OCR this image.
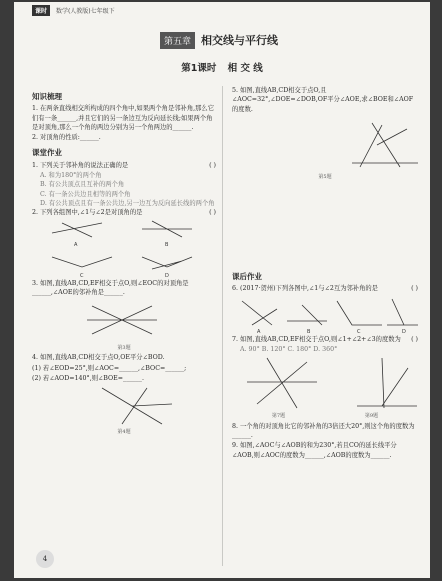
课时 数学(人教版)七年级下
第五章 相交线与平行线
第1课时 相 交 线
知识梳理

1. 在两条直线相交所构成的四个角中,如果两个角是邻补角,那么它们有一条______,并且它们的另一条边互为反向延长线;如果两个角是对顶角,那么一个角的两边分别为另一个角两边的______.

2. 对顶角的性质:______.

课堂作业

1. 下列关于邻补角的说法正确的是	( )

A. 和为180°的两个角

B. 有公共顶点且互补的两个角

C. 有一条公共边且相等的两个角

D. 有公共顶点且有一条公共边,另一边互为反向延长线的两个角

2. 下列各组图中,∠1与∠2是对顶角的是	( )

A	B
C	D

3. 如图,直线AB,CD,EF相交于点O,则∠EOC的对顶角是______,∠AOE的邻补角是______.

第3题

4. 如图,直线AB,CD相交于点O,OE平分∠BOD.

(1) 若∠EOD=25°,则∠AOC=______,∠BOC=______;

(2) 若∠AOD=140°,则∠BOE=______.

第4题

5. 如图,直线AB,CD相交于点O,且∠AOC=32°,∠DOE=∠DOB,OF平分∠AOE,求∠BOE和∠AOF的度数.

第5题
课后作业

6. (2017·贺州)下列各图中,∠1与∠2互为邻补角的是	( )

A	B	C	D

7. 如图,直线AB,CD,EF相交于点O,则∠1+∠2+∠3的度数为 ( )

A. 90° B. 120° C. 180° D. 360°

第7题	第9题

8. 一个角的对顶角比它的邻补角的3倍还大20°,则这个角的度数为______.

9. 如图,∠AOC与∠AOB的和为230°,若且CO的延长线平分∠AOB,则∠AOC的度数为______,∠AOB的度数为______.

4
